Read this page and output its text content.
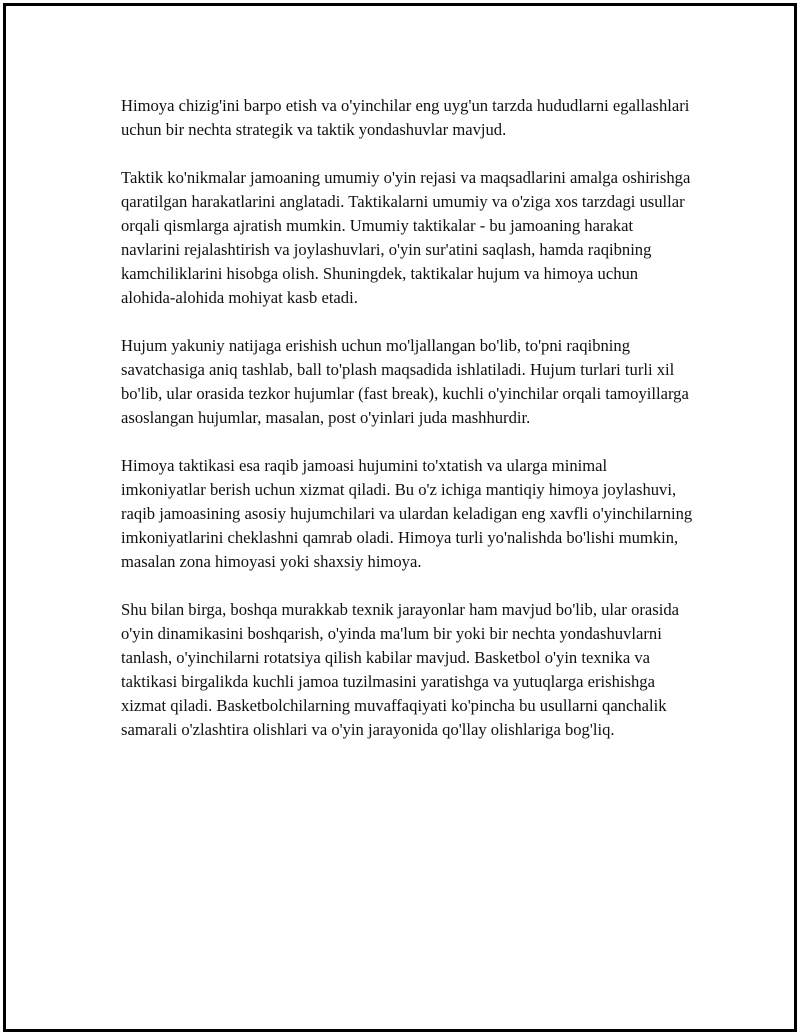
Himoya chizig'ini barpo etish va o'yinchilar eng uyg'un tarzda hududlarni egallashlari uchun bir nechta strategik va taktik yondashuvlar mavjud.

Taktik ko'nikmalar jamoaning umumiy o'yin rejasi va maqsadlarini amalga oshirishga qaratilgan harakatlarini anglatadi. Taktikalarni umumiy va o'ziga xos tarzdagi usullar orqali qismlarga ajratish mumkin. Umumiy taktikalar - bu jamoaning harakat navlarini rejalashtirish va joylashuvlari, o'yin sur'atini saqlash, hamda raqibning kamchiliklarini hisobga olish. Shuningdek, taktikalar hujum va himoya uchun alohida-alohida mohiyat kasb etadi.

Hujum yakuniy natijaga erishish uchun mo'ljallangan bo'lib, to'pni raqibning savatchasiga aniq tashlab, ball to'plash maqsadida ishlatiladi. Hujum turlari turli xil bo'lib, ular orasida tezkor hujumlar (fast break), kuchli o'yinchilar orqali tamoyillarga asoslangan hujumlar, masalan, post o'yinlari juda mashhurdir.

Himoya taktikasi esa raqib jamoasi hujumini to'xtatish va ularga minimal imkoniyatlar berish uchun xizmat qiladi. Bu o'z ichiga mantiqiy himoya joylashuvi, raqib jamoasining asosiy hujumchilari va ulardan keladigan eng xavfli o'yinchilarning imkoniyatlarini cheklashni qamrab oladi. Himoya turli yo'nalishda bo'lishi mumkin, masalan zona himoyasi yoki shaxsiy himoya.

Shu bilan birga, boshqa murakkab texnik jarayonlar ham mavjud bo'lib, ular orasida o'yin dinamikasini boshqarish, o'yinda ma'lum bir yoki bir nechta yondashuvlarni tanlash, o'yinchilarni rotatsiya qilish kabilar mavjud. Basketbol o'yin texnika va taktikasi birgalikda kuchli jamoa tuzilmasini yaratishga va yutuqlarga erishishga xizmat qiladi. Basketbolchilarning muvaffaqiyati ko'pincha bu usullarni qanchalik samarali o'zlashtira olishlari va o'yin jarayonida qo'llay olishlariga bog'liq.
